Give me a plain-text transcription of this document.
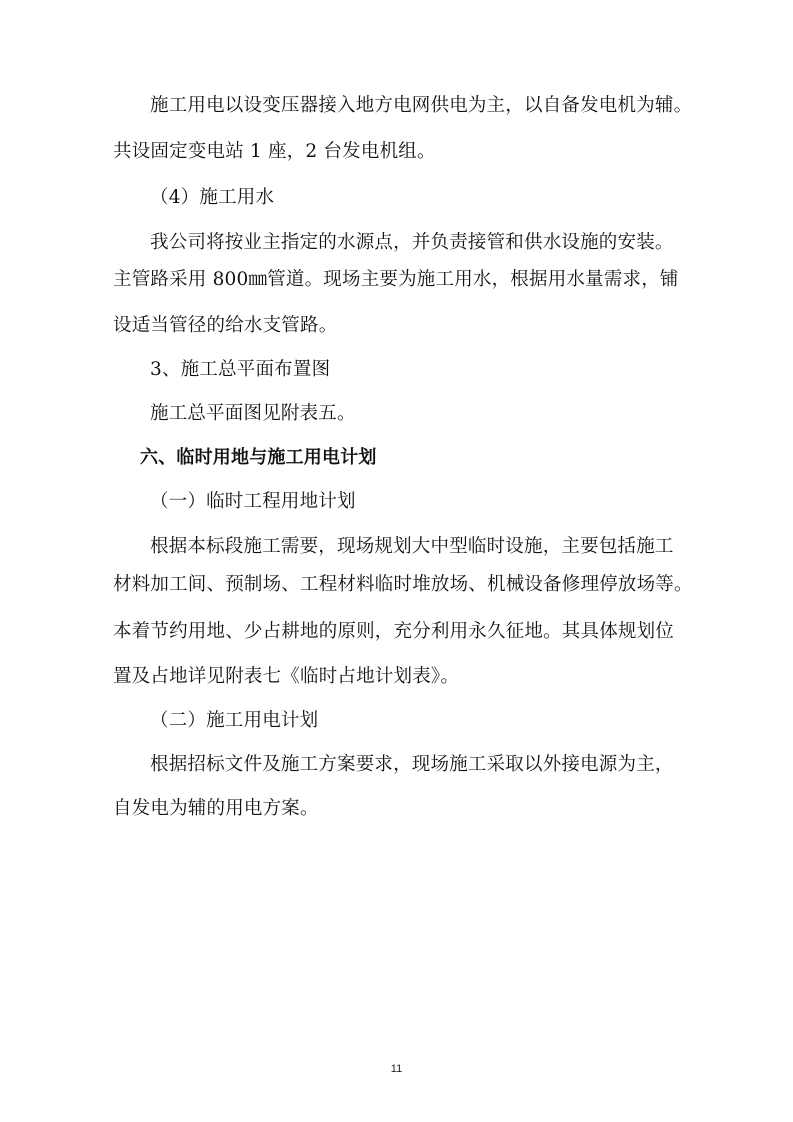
施工用电以设变压器接入地方电网供电为主，以自备发电机为辅。
共设固定变电站 1 座，2 台发电机组。
（4）施工用水
我公司将按业主指定的水源点，并负责接管和供水设施的安装。
主管路采用 800㎜管道。现场主要为施工用水，根据用水量需求，铺
设适当管径的给水支管路。
3、施工总平面布置图
施工总平面图见附表五。
六、临时用地与施工用电计划
（一）临时工程用地计划
根据本标段施工需要，现场规划大中型临时设施，主要包括施工
材料加工间、预制场、工程材料临时堆放场、机械设备修理停放场等。
本着节约用地、少占耕地的原则，充分利用永久征地。其具体规划位
置及占地详见附表七《临时占地计划表》。
（二）施工用电计划
根据招标文件及施工方案要求，现场施工采取以外接电源为主，
自发电为辅的用电方案。
11
